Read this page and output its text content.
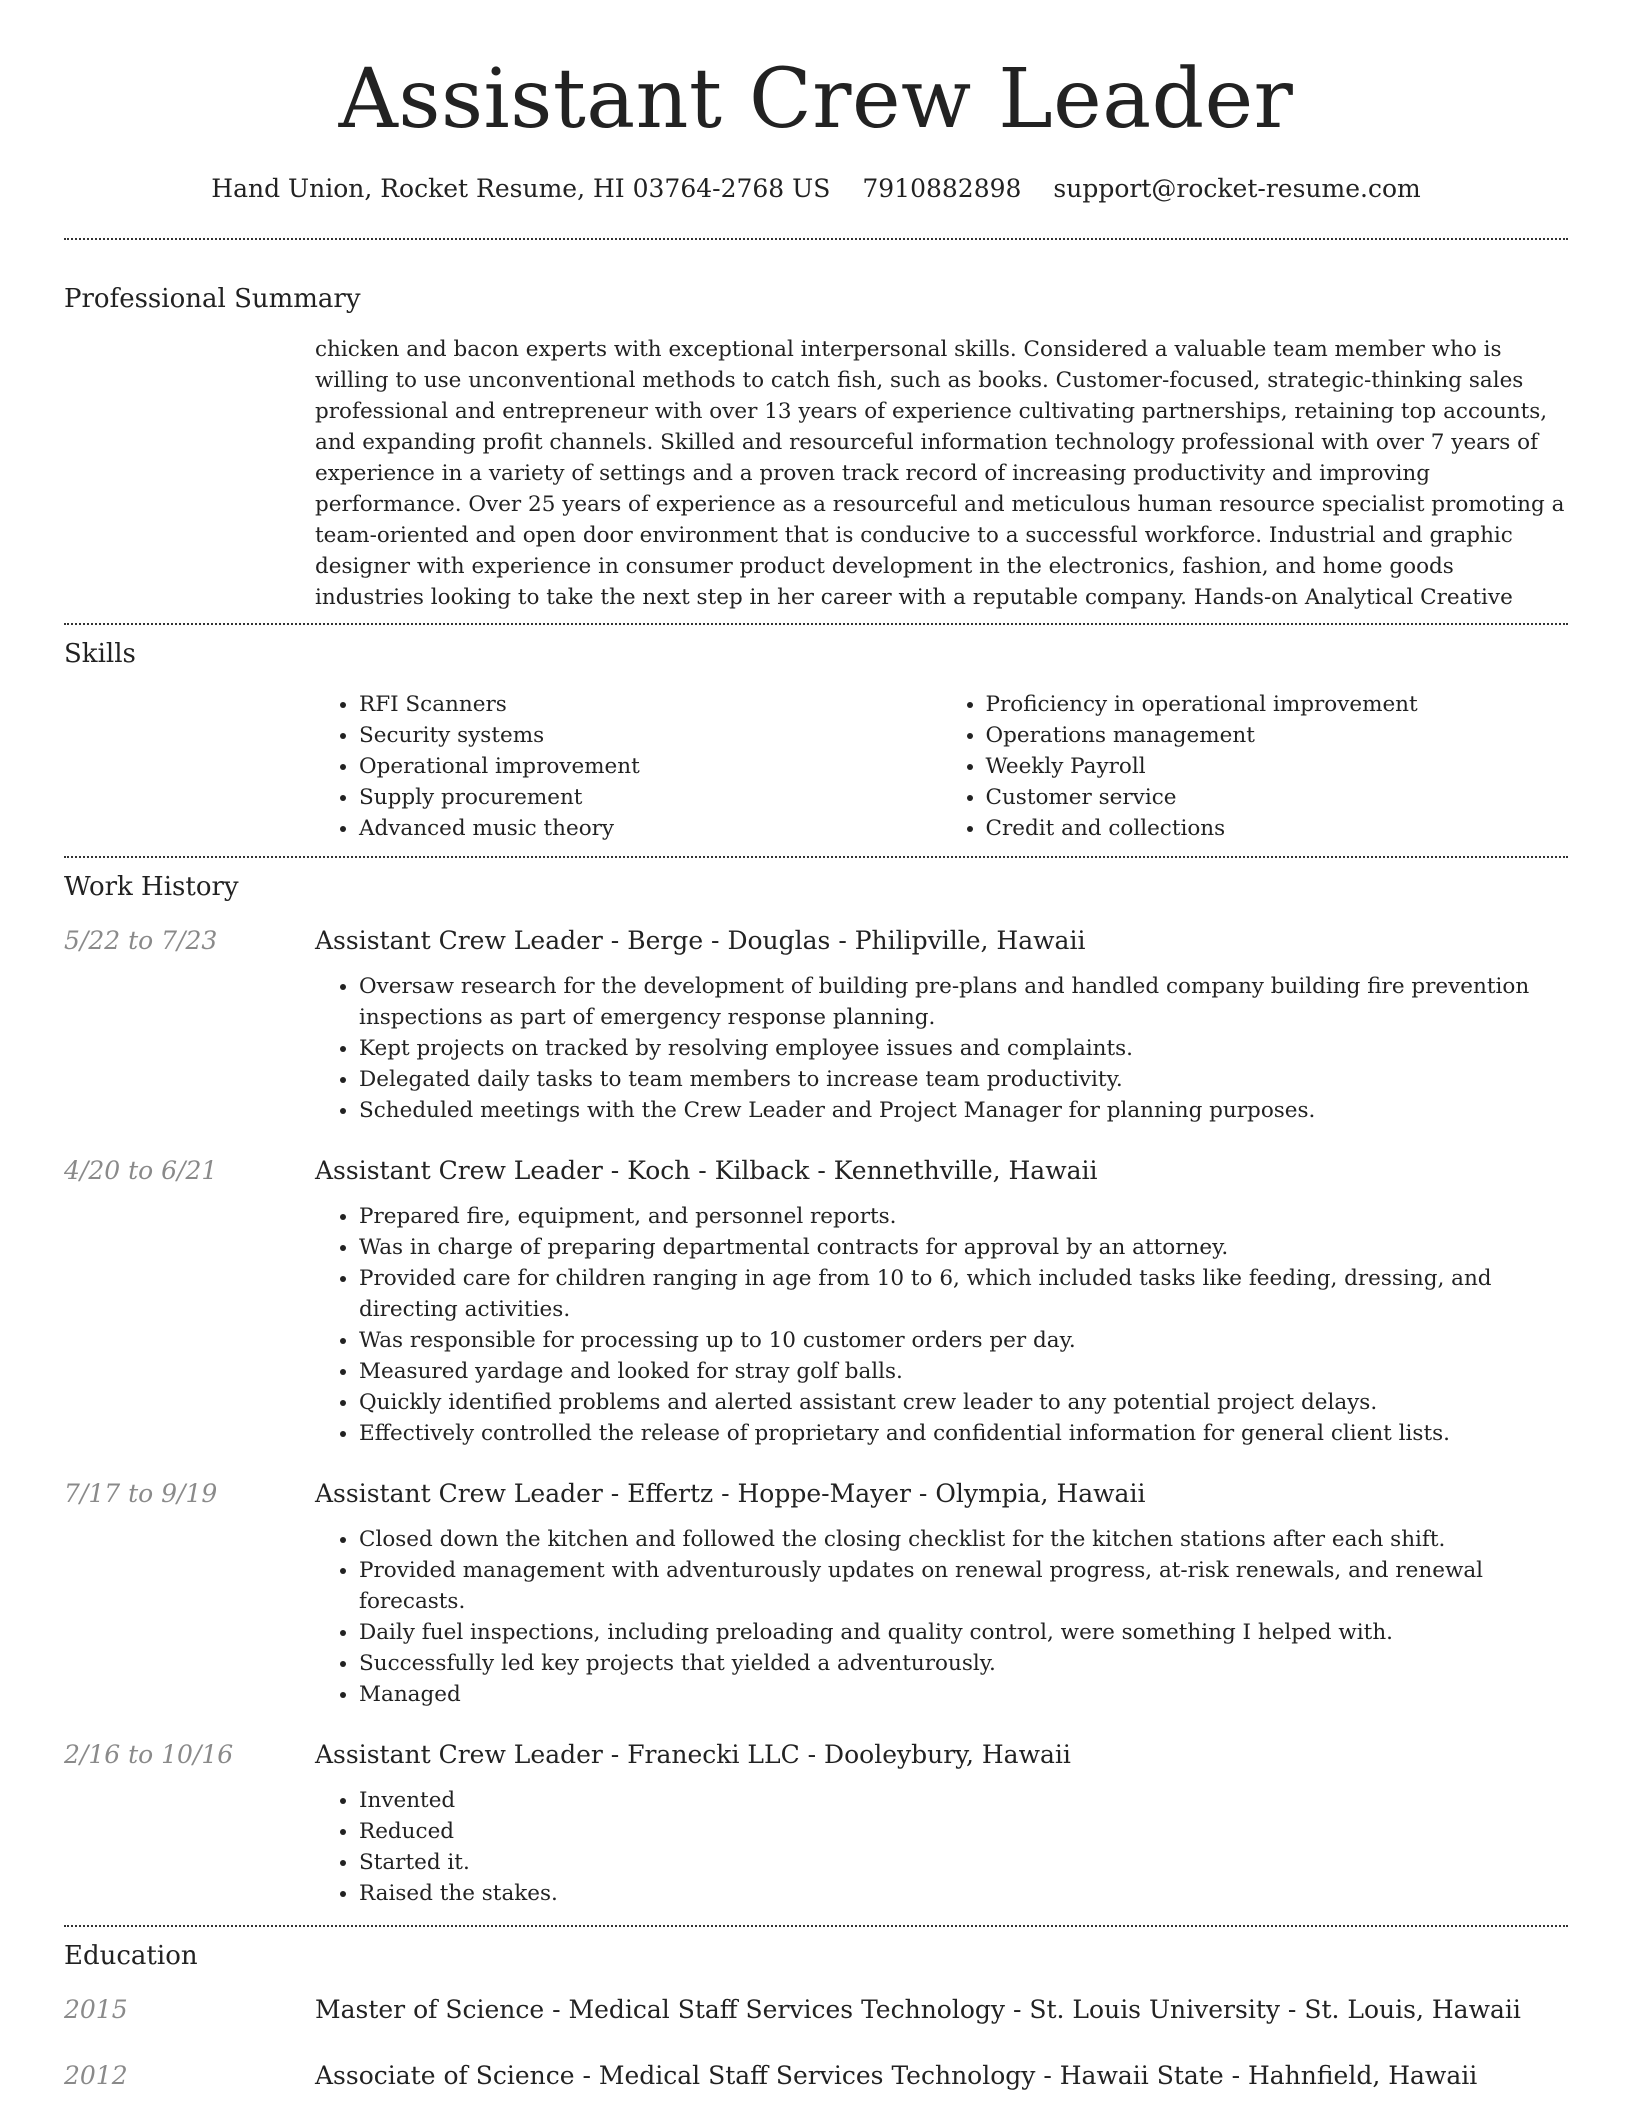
Assistant Crew Leader
Hand Union, Rocket Resume, HI 03764-2768 US 7910882898 support@rocket-resume.com
Professional Summary

chicken and bacon experts with exceptional interpersonal skills. Considered a valuable team member who is willing to use unconventional methods to catch fish, such as books. Customer-focused, strategic-thinking sales professional and entrepreneur with over 13 years of experience cultivating partnerships, retaining top accounts, and expanding profit channels. Skilled and resourceful information technology professional with over 7 years of experience in a variety of settings and a proven track record of increasing productivity and improving performance. Over 25 years of experience as a resourceful and meticulous human resource specialist promoting a team-oriented and open door environment that is conducive to a successful workforce. Industrial and graphic designer with experience in consumer product development in the electronics, fashion, and home goods industries looking to take the next step in her career with a reputable company. Hands-on Analytical Creative

Skills
• RFI Scanners
• Security systems
• Operational improvement
• Supply procurement
• Advanced music theory
• Proficiency in operational improvement
• Operations management
• Weekly Payroll
• Customer service
• Credit and collections
Work History
5/22 to 7/23	Assistant Crew Leader - Berge - Douglas - Philipville, Hawaii
• Oversaw research for the development of building pre-plans and handled company building fire prevention inspections as part of emergency response planning.
• Kept projects on tracked by resolving employee issues and complaints.
• Delegated daily tasks to team members to increase team productivity.
• Scheduled meetings with the Crew Leader and Project Manager for planning purposes.
4/20 to 6/21	Assistant Crew Leader - Koch - Kilback - Kennethville, Hawaii
• Prepared fire, equipment, and personnel reports.
• Was in charge of preparing departmental contracts for approval by an attorney.
• Provided care for children ranging in age from 10 to 6, which included tasks like feeding, dressing, and directing activities.
• Was responsible for processing up to 10 customer orders per day.
• Measured yardage and looked for stray golf balls.
• Quickly identified problems and alerted assistant crew leader to any potential project delays.
• Effectively controlled the release of proprietary and confidential information for general client lists.
7/17 to 9/19	Assistant Crew Leader - Effertz - Hoppe-Mayer - Olympia, Hawaii
• Closed down the kitchen and followed the closing checklist for the kitchen stations after each shift.
• Provided management with adventurously updates on renewal progress, at-risk renewals, and renewal forecasts.
• Daily fuel inspections, including preloading and quality control, were something I helped with.
• Successfully led key projects that yielded a adventurously.
• Managed
2/16 to 10/16	Assistant Crew Leader - Franecki LLC - Dooleybury, Hawaii
• Invented
• Reduced
• Started it.
• Raised the stakes.
Education
2015	Master of Science - Medical Staff Services Technology - St. Louis University - St. Louis, Hawaii
2012	Associate of Science - Medical Staff Services Technology - Hawaii State - Hahnfield, Hawaii
